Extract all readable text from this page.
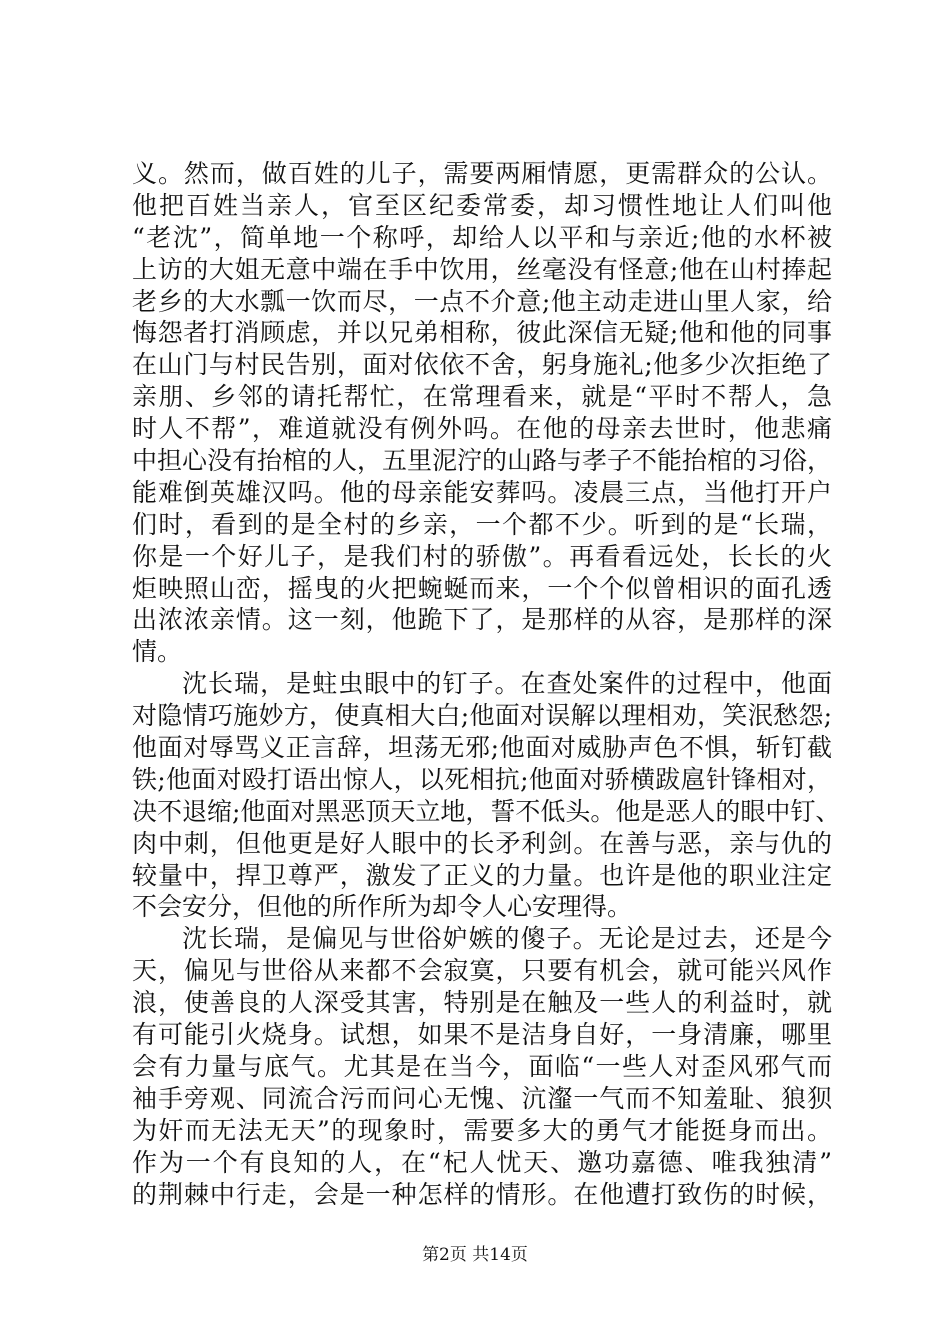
义。然而，做百姓的儿子，需要两厢情愿，更需群众的公认。
他把百姓当亲人，官至区纪委常委，却习惯性地让人们叫他
“老沈”，简单地一个称呼，却给人以平和与亲近;他的水杯被
上访的大姐无意中端在手中饮用，丝毫没有怪意;他在山村捧起
老乡的大水瓢一饮而尽，一点不介意;他主动走进山里人家，给
悔怨者打消顾虑，并以兄弟相称，彼此深信无疑;他和他的同事
在山门与村民告别，面对依依不舍，躬身施礼;他多少次拒绝了
亲朋、乡邻的请托帮忙，在常理看来，就是“平时不帮人，急
时人不帮”，难道就没有例外吗。在他的母亲去世时，他悲痛
中担心没有抬棺的人，五里泥泞的山路与孝子不能抬棺的习俗，
能难倒英雄汉吗。他的母亲能安葬吗。凌晨三点，当他打开户
们时，看到的是全村的乡亲，一个都不少。听到的是“长瑞，
你是一个好儿子，是我们村的骄傲”。再看看远处，长长的火
炬映照山峦，摇曳的火把蜿蜒而来，一个个似曾相识的面孔透
出浓浓亲情。这一刻，他跪下了，是那样的从容，是那样的深
情。
沈长瑞，是蛀虫眼中的钉子。在查处案件的过程中，他面
对隐情巧施妙方，使真相大白;他面对误解以理相劝，笑泯愁怨;
他面对辱骂义正言辞，坦荡无邪;他面对威胁声色不惧，斩钉截
铁;他面对殴打语出惊人，以死相抗;他面对骄横跋扈针锋相对，
决不退缩;他面对黑恶顶天立地，誓不低头。他是恶人的眼中钉、
肉中刺，但他更是好人眼中的长矛利剑。在善与恶，亲与仇的
较量中，捍卫尊严，激发了正义的力量。也许是他的职业注定
不会安分，但他的所作所为却令人心安理得。
沈长瑞，是偏见与世俗妒嫉的傻子。无论是过去，还是今
天，偏见与世俗从来都不会寂寞，只要有机会，就可能兴风作
浪，使善良的人深受其害，特别是在触及一些人的利益时，就
有可能引火烧身。试想，如果不是洁身自好，一身清廉，哪里
会有力量与底气。尤其是在当今，面临“一些人对歪风邪气而
袖手旁观、同流合污而问心无愧、沆瀣一气而不知羞耻、狼狈
为奸而无法无天”的现象时，需要多大的勇气才能挺身而出。
作为一个有良知的人，在“杞人忧天、邀功嘉德、唯我独清”
的荆棘中行走，会是一种怎样的情形。在他遭打致伤的时候，
第2页 共14页
